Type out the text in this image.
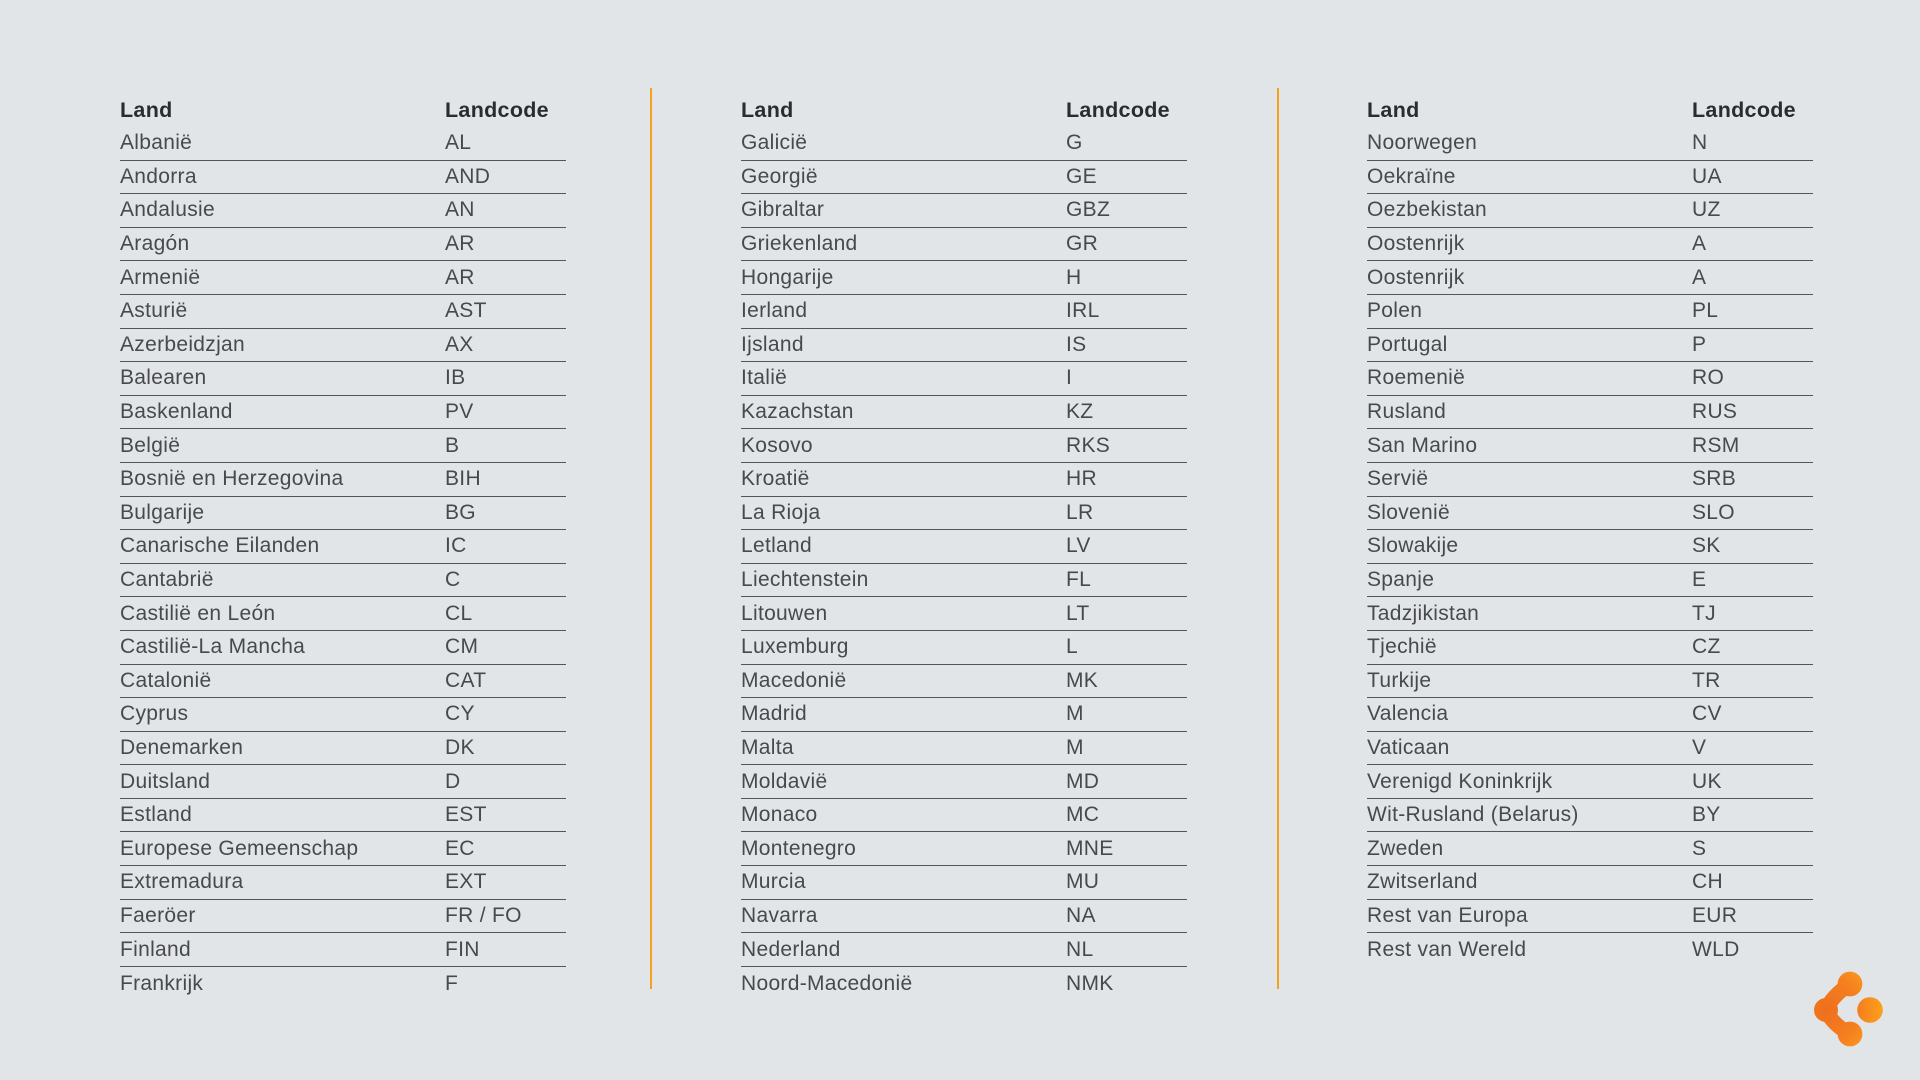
Land	Landcode
Albanië	AL
Andorra	AND
Andalusie	AN
Aragón	AR
Armenië	AR
Asturië	AST
Azerbeidzjan	AX
Balearen	IB
Baskenland	PV
België	B
Bosnië en Herzegovina	BIH
Bulgarije	BG
Canarische Eilanden	IC
Cantabrië	C
Castilië en León	CL
Castilië-La Mancha	CM
Catalonië	CAT
Cyprus	CY
Denemarken	DK
Duitsland	D
Estland	EST
Europese Gemeenschap	EC
Extremadura	EXT
Faeröer	FR / FO
Finland	FIN
Frankrijk	F
Land	Landcode
Galicië	G
Georgië	GE
Gibraltar	GBZ
Griekenland	GR
Hongarije	H
Ierland	IRL
Ijsland	IS
Italië	I
Kazachstan	KZ
Kosovo	RKS
Kroatië	HR
La Rioja	LR
Letland	LV
Liechtenstein	FL
Litouwen	LT
Luxemburg	L
Macedonië	MK
Madrid	M
Malta	M
Moldavië	MD
Monaco	MC
Montenegro	MNE
Murcia	MU
Navarra	NA
Nederland	NL
Noord-Macedonië	NMK
Land	Landcode
Noorwegen	N
Oekraïne	UA
Oezbekistan	UZ
Oostenrijk	A
Oostenrijk	A
Polen	PL
Portugal	P
Roemenië	RO
Rusland	RUS
San Marino	RSM
Servië	SRB
Slovenië	SLO
Slowakije	SK
Spanje	E
Tadzjikistan	TJ
Tjechië	CZ
Turkije	TR
Valencia	CV
Vaticaan	V
Verenigd Koninkrijk	UK
Wit-Rusland (Belarus)	BY
Zweden	S
Zwitserland	CH
Rest van Europa	EUR
Rest van Wereld	WLD
